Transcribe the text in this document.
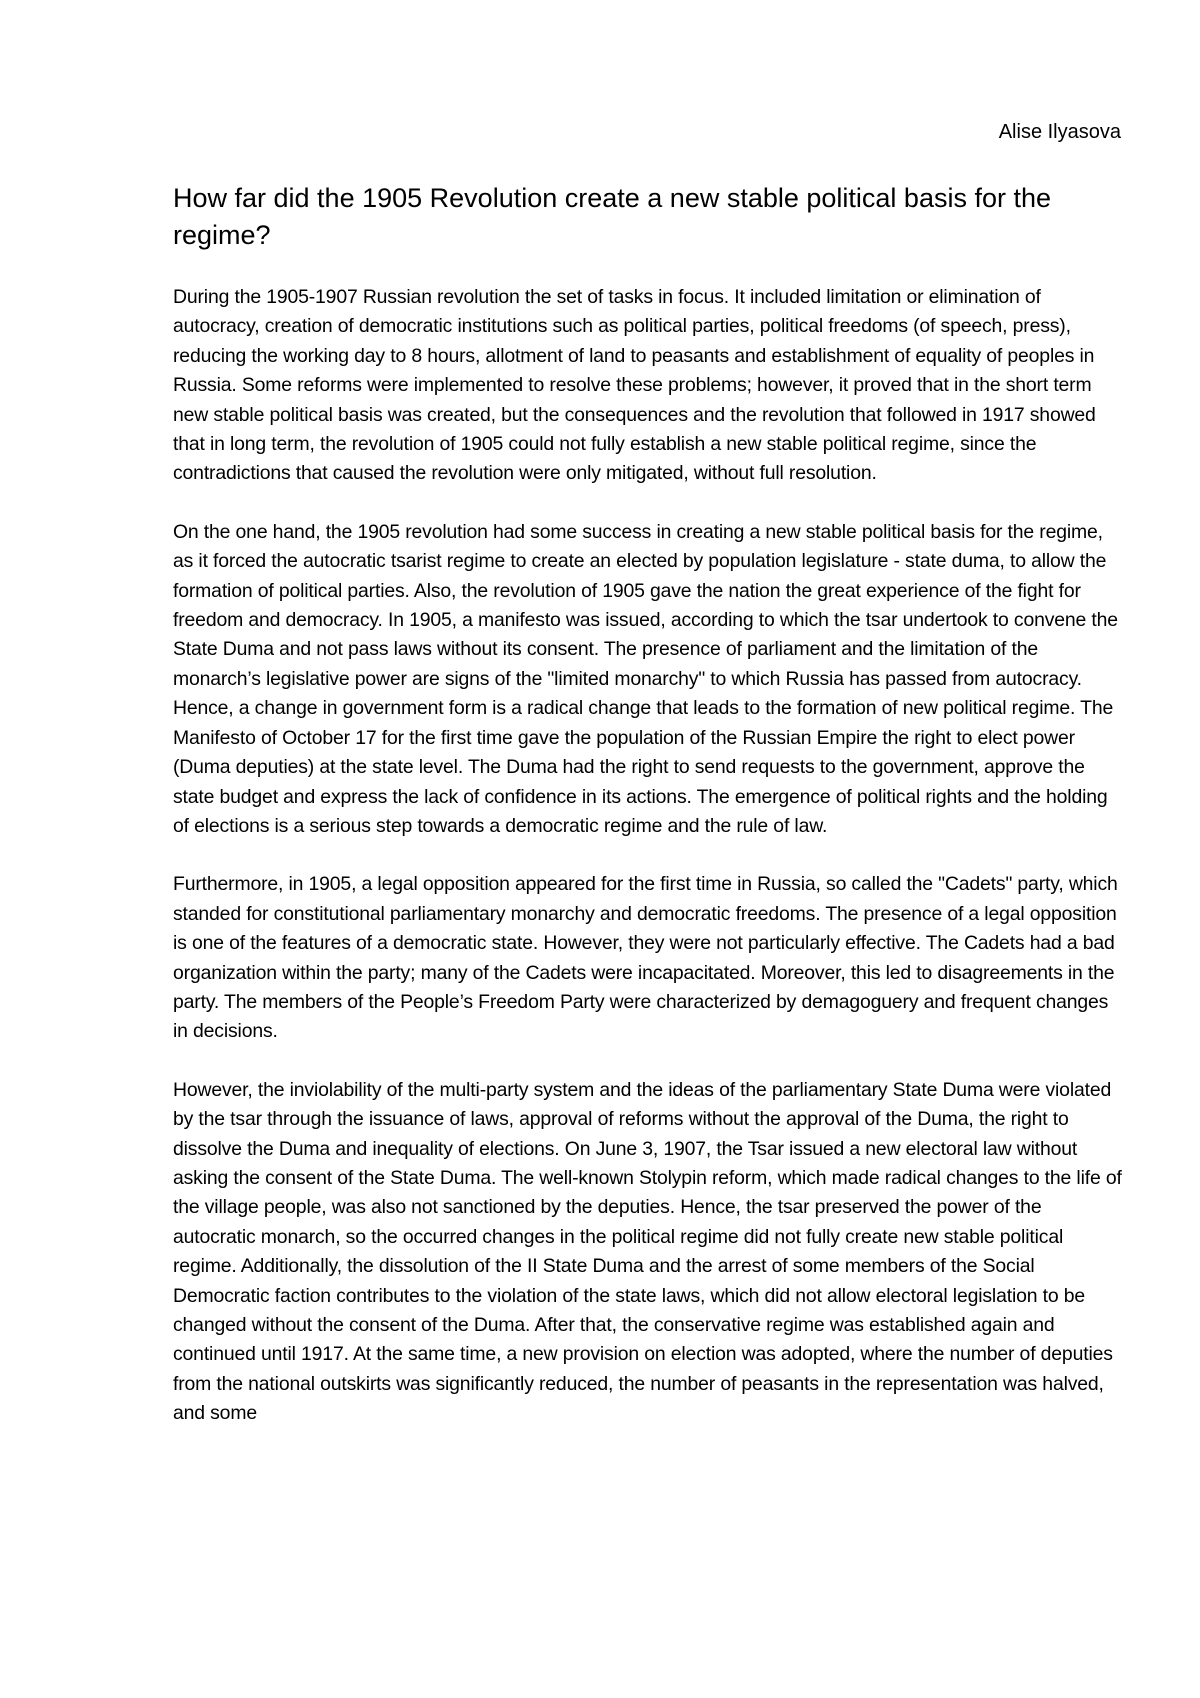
Alise Ilyasova
How far did the 1905 Revolution create a new stable political basis for the regime?

During the 1905-1907 Russian revolution the set of tasks in focus. It included limitation or elimination of autocracy, creation of democratic institutions such as political parties, political freedoms (of speech, press), reducing the working day to 8 hours, allotment of land to peasants and establishment of equality of peoples in Russia. Some reforms were implemented to resolve these problems; however, it proved that in the short term new stable political basis was created, but the consequences and the revolution that followed in 1917 showed that in long term, the revolution of 1905 could not fully establish a new stable political regime, since the contradictions that caused the revolution were only mitigated, without full resolution.

On the one hand, the 1905 revolution had some success in creating a new stable political basis for the regime, as it forced the autocratic tsarist regime to create an elected by population legislature - state duma, to allow the formation of political parties. Also, the revolution of 1905 gave the nation the great experience of the fight for freedom and democracy. In 1905, a manifesto was issued, according to which the tsar undertook to convene the State Duma and not pass laws without its consent. The presence of parliament and the limitation of the monarch’s legislative power are signs of the "limited monarchy" to which Russia has passed from autocracy. Hence, a change in government form is a radical change that leads to the formation of new political regime. The Manifesto of October 17 for the first time gave the population of the Russian Empire the right to elect power (Duma deputies) at the state level. The Duma had the right to send requests to the government, approve the state budget and express the lack of confidence in its actions. The emergence of political rights and the holding of elections is a serious step towards a democratic regime and the rule of law.

Furthermore, in 1905, a legal opposition appeared for the first time in Russia, so called the "Cadets" party, which standed for constitutional parliamentary monarchy and democratic freedoms. The presence of a legal opposition is one of the features of a democratic state. However, they were not particularly effective. The Cadets had a bad organization within the party; many of the Cadets were incapacitated. Moreover, this led to disagreements in the party. The members of the People’s Freedom Party were characterized by demagoguery and frequent changes in decisions.

However, the inviolability of the multi-party system and the ideas of the parliamentary State Duma were violated by the tsar through the issuance of laws, approval of reforms without the approval of the Duma, the right to dissolve the Duma and inequality of elections. On June 3, 1907, the Tsar issued a new electoral law without asking the consent of the State Duma. The well-known Stolypin reform, which made radical changes to the life of the village people, was also not sanctioned by the deputies. Hence, the tsar preserved the power of the autocratic monarch, so the occurred changes in the political regime did not fully create new stable political regime. Additionally, the dissolution of the II State Duma and the arrest of some members of the Social Democratic faction contributes to the violation of the state laws, which did not allow electoral legislation to be changed without the consent of the Duma. After that, the conservative regime was established again and continued until 1917. At the same time, a new provision on election was adopted, where the number of deputies from the national outskirts was significantly reduced, the number of peasants in the representation was halved, and some
